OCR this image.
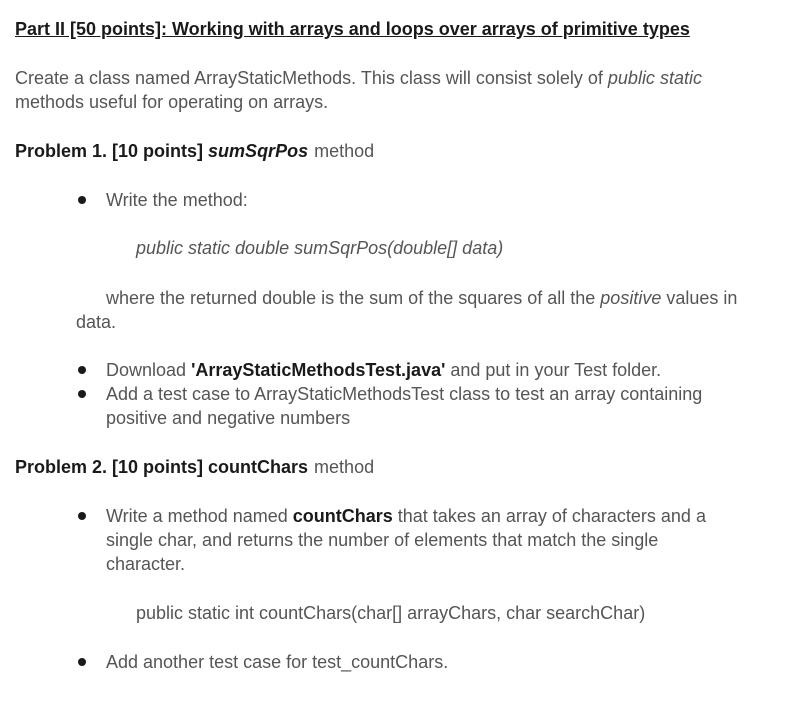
Part II [50 points]: Working with arrays and loops over arrays of primitive types
Create a class named ArrayStaticMethods. This class will consist solely of public static
methods useful for operating on arrays.
Problem 1. [10 points] sumSqrPos method
Write the method:
public static double sumSqrPos(double[] data)
where the returned double is the sum of the squares of all the positive values in
data.
Download 'ArrayStaticMethodsTest.java' and put in your Test folder.
Add a test case to ArrayStaticMethodsTest class to test an array containing
positive and negative numbers
Problem 2. [10 points] countChars method
Write a method named countChars that takes an array of characters and a
single char, and returns the number of elements that match the single
character.
public static int countChars(char[] arrayChars, char searchChar)
Add another test case for test_countChars.
